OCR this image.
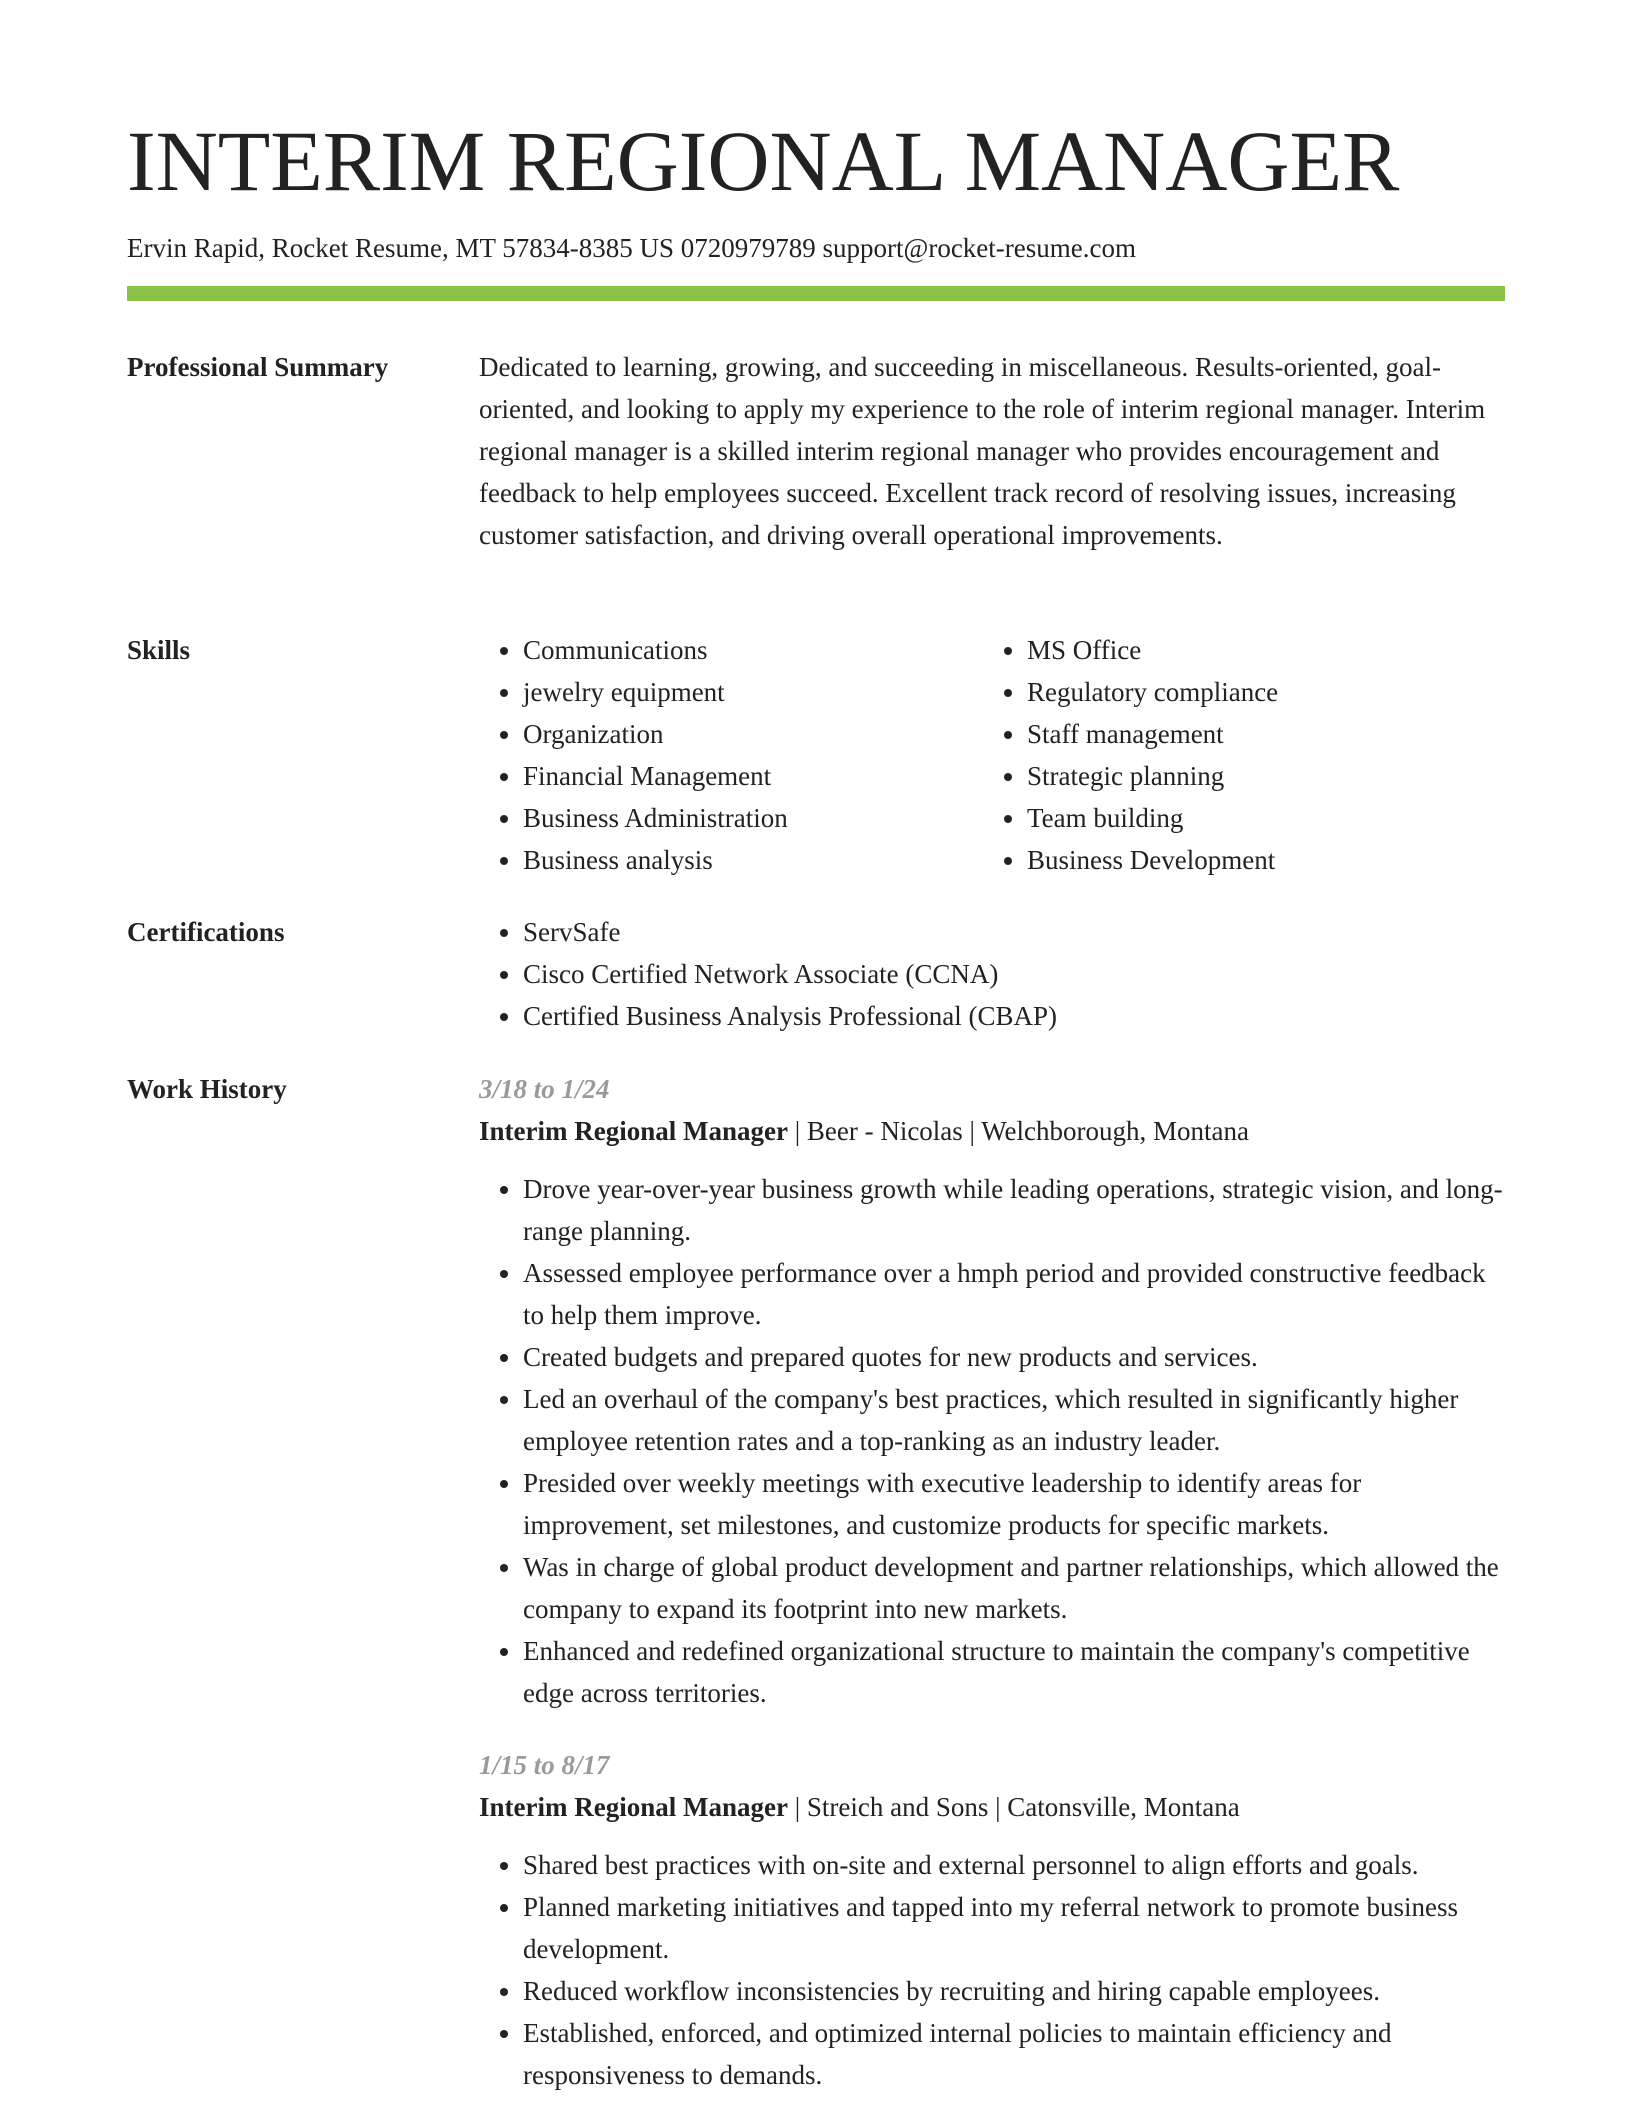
INTERIM REGIONAL MANAGER
Ervin Rapid, Rocket Resume, MT 57834-8385 US 0720979789 support@rocket-resume.com
Professional Summary	Dedicated to learning, growing, and succeeding in miscellaneous. Results-oriented, goal-oriented, and looking to apply my experience to the role of interim regional manager. Interim regional manager is a skilled interim regional manager who provides encouragement and feedback to help employees succeed. Excellent track record of resolving issues, increasing customer satisfaction, and driving overall operational improvements.

Skills	• Communications
• jewelry equipment
• Organization
• Financial Management
• Business Administration
• Business analysis
• MS Office
• Regulatory compliance
• Staff management
• Strategic planning
• Team building
• Business Development
Certifications	• ServSafe
• Cisco Certified Network Associate (CCNA)
• Certified Business Analysis Professional (CBAP)
Work History	3/18 to 1/24
Interim Regional Manager | Beer - Nicolas | Welchborough, Montana
• Drove year-over-year business growth while leading operations, strategic vision, and long-range planning.
• Assessed employee performance over a hmph period and provided constructive feedback to help them improve.
• Created budgets and prepared quotes for new products and services.
• Led an overhaul of the company's best practices, which resulted in significantly higher employee retention rates and a top-ranking as an industry leader.
• Presided over weekly meetings with executive leadership to identify areas for improvement, set milestones, and customize products for specific markets.
• Was in charge of global product development and partner relationships, which allowed the company to expand its footprint into new markets.
• Enhanced and redefined organizational structure to maintain the company's competitive edge across territories.
1/15 to 8/17
Interim Regional Manager | Streich and Sons | Catonsville, Montana
• Shared best practices with on-site and external personnel to align efforts and goals.
• Planned marketing initiatives and tapped into my referral network to promote business development.
• Reduced workflow inconsistencies by recruiting and hiring capable employees.
• Established, enforced, and optimized internal policies to maintain efficiency and responsiveness to demands.
